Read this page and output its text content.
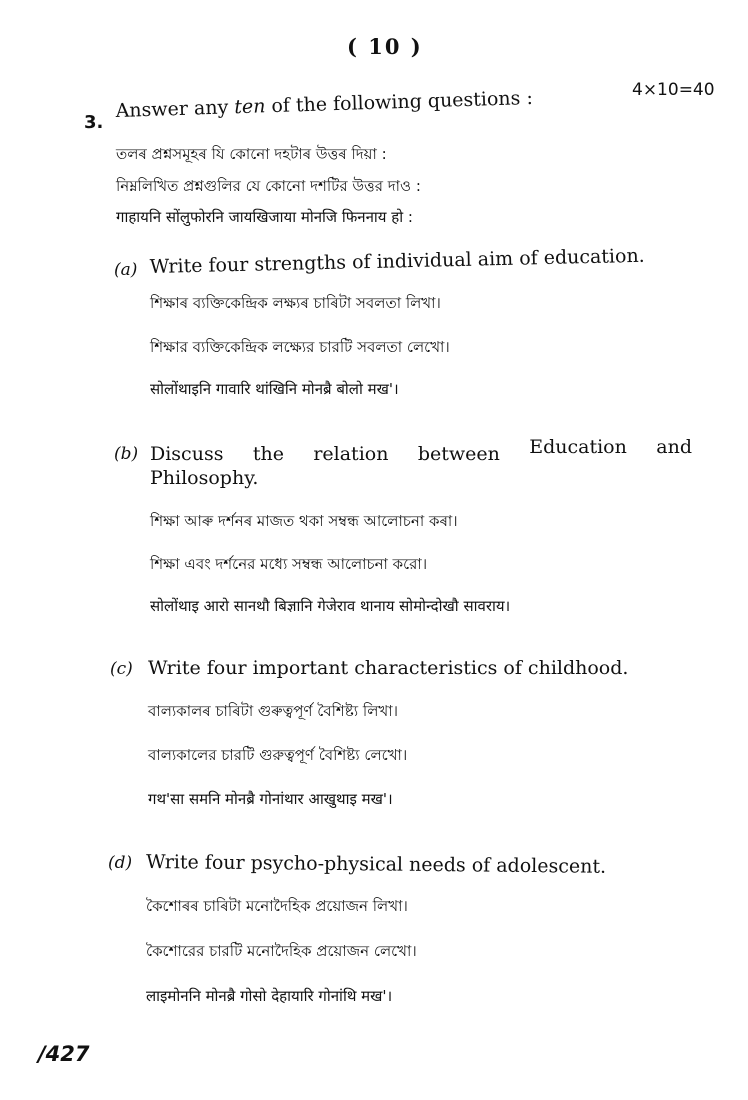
( 10 )
4×10=40
3.
Answer any ten of the following questions :
তলৰ প্ৰশ্নসমূহৰ যি কোনো দহটাৰ উত্তৰ দিয়া :
নিম্নলিখিত প্রশ্নগুলির যে কোনো দশটির উত্তর দাও :
गाहायनि सोंलुफोरनि जायखिजाया मोनजि फिननाय हो :
(a) Write four strengths of individual aim of education.
শিক্ষাৰ ব্যক্তিকেন্দ্ৰিক লক্ষ্যৰ চাৰিটা সবলতা লিখা।
শিক্ষার ব্যক্তিকেন্দ্রিক লক্ষ্যের চারটি সবলতা লেখো।
सोलोंथाइनि गावारि थांखिनि मोनब्रै बोलो मख'।
(b) Discuss the relation between Education and
Philosophy.
শিক্ষা আৰু দৰ্শনৰ মাজত থকা সম্বন্ধ আলোচনা কৰা।
শিক্ষা এবং দর্শনের মধ্যে সম্বন্ধ আলোচনা করো।
सोलोंथाइ आरो सानथौ बिज्ञानि गेजेराव थानाय सोमोन्दोखौ सावराय।
(c) Write four important characteristics of childhood.
বাল্যকালৰ চাৰিটা গুৰুত্বপূৰ্ণ বৈশিষ্ট্য লিখা।
বাল্যকালের চারটি গুরুত্বপূর্ণ বৈশিষ্ট্য লেখো।
गथ'सा समनि मोनब्रै गोनांथार आखुथाइ मख'।
(d) Write four psycho-physical needs of adolescent.
কৈশোৰৰ চাৰিটা মনোদৈহিক প্ৰয়োজন লিখা।
কৈশোরের চারটি মনোদৈহিক প্রয়োজন লেখো।
लाइमोननि मोनब्रै गोसो देहायारि गोनांथि मख'।
/427
